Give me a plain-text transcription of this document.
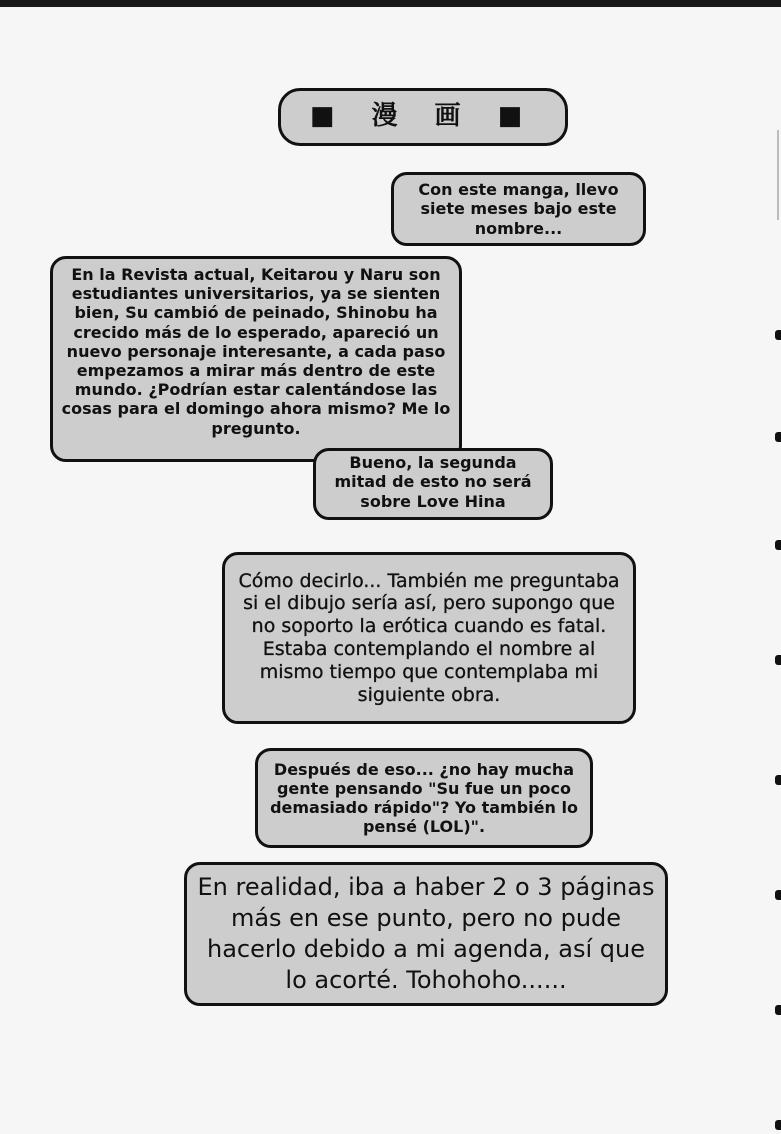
■ 漫 画 ■
Con este manga, llevo siete meses bajo este nombre...
En la Revista actual, Keitarou y Naru son estudiantes universitarios, ya se sienten bien, Su cambió de peinado, Shinobu ha crecido más de lo esperado, apareció un nuevo personaje interesante, a cada paso empezamos a mirar más dentro de este mundo. ¿Podrían estar calentándose las cosas para el domingo ahora mismo? Me lo pregunto.
Bueno, la segunda mitad de esto no será sobre Love Hina
Cómo decirlo... También me preguntaba si el dibujo sería así, pero supongo que no soporto la erótica cuando es fatal. Estaba contemplando el nombre al mismo tiempo que contemplaba mi siguiente obra.
Después de eso... ¿no hay mucha gente pensando "Su fue un poco demasiado rápido"? Yo también lo pensé (LOL)".
En realidad, iba a haber 2 o 3 páginas más en ese punto, pero no pude hacerlo debido a mi agenda, así que lo acorté. Tohohoho......
